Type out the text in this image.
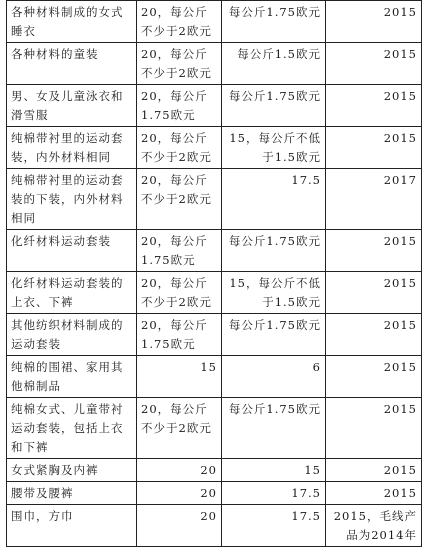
各种材料制成的女式睡衣	20，每公斤不少于2欧元	每公斤1.75欧元	2015
各种材料的童装	20，每公斤不少于2欧元	每公斤1.5欧元	2015
男、女及儿童泳衣和滑雪服	20，每公斤1.75欧元	每公斤1.75欧元	2015
纯棉带衬里的运动套装，内外材料相同	20，每公斤不少于2欧元	15，每公斤不低于1.5欧元	2015
纯棉带衬里的运动套装的下装，内外材料相同	20，每公斤不少于2欧元	17.5	2017
化纤材料运动套装	20，每公斤1.75欧元	每公斤1.75欧元	2015
化纤材料运动套装的上衣、下裤	20，每公斤不少于2欧元	15，每公斤不低于1.5欧元	2015
其他纺织材料制成的运动套装	20，每公斤1.75欧元	每公斤1.75欧元	2015
纯棉的围裙、家用其他棉制品	15	6	2015
纯棉女式、儿童带衬运动套装，包括上衣和下裤	20，每公斤不少于2欧元	每公斤1.75欧元	2015
女式紧胸及内裤	20	15	2015
腰带及腰裤	20	17.5	2015
围巾，方巾	20	17.5	2015，毛线产品为2014年
